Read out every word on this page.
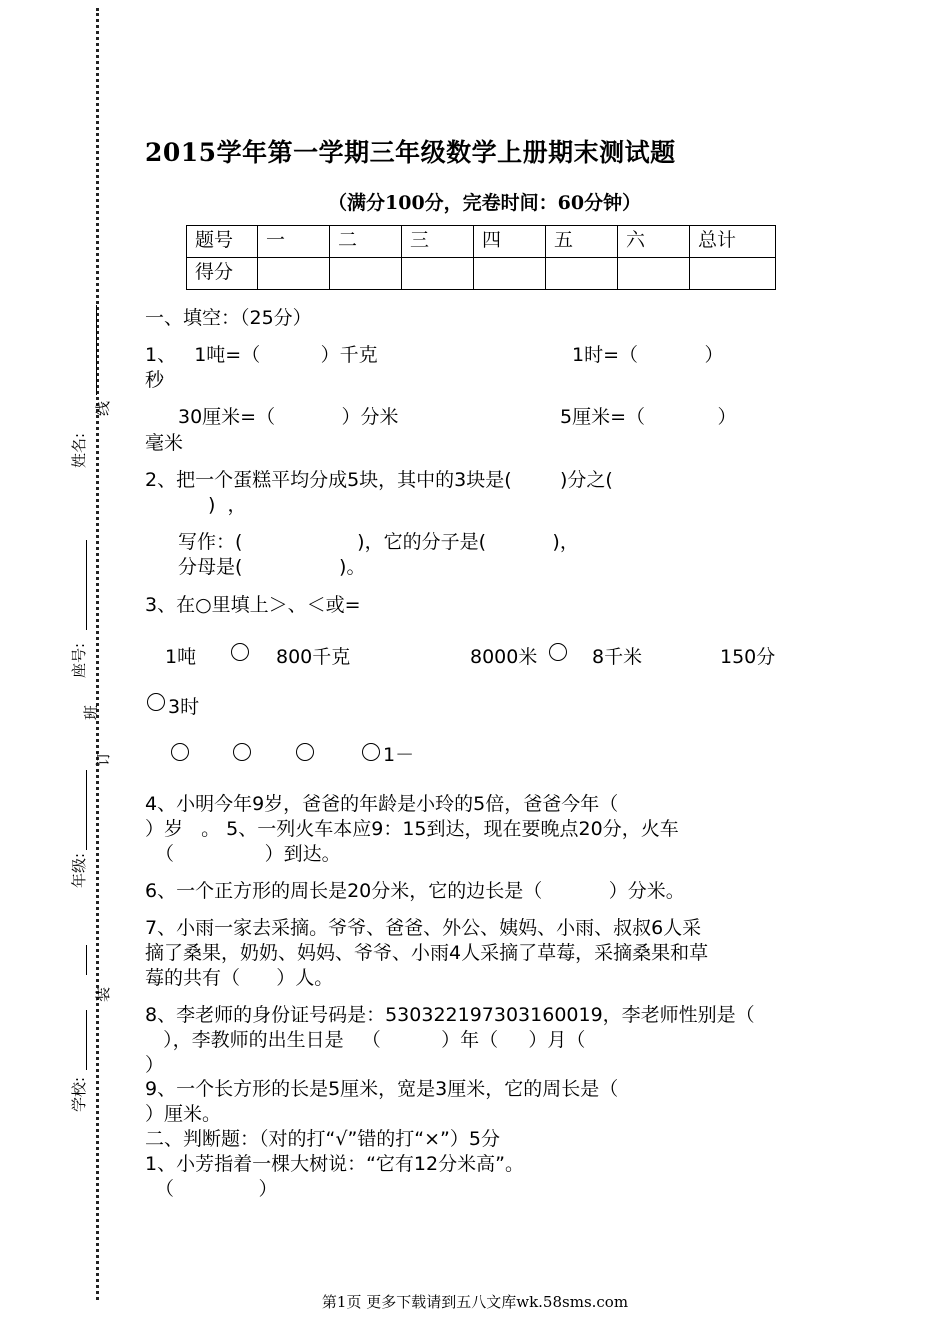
姓名:
线
座号:
班
订
年级:
装
学校:
2015学年第一学期三年级数学上册期末测试题
（满分100分，完卷时间：60分钟）
题号	一	二	三	四	五	六	总计
得分							
一、填空：（25分）
1、   1吨=（          ）千克	1时=（           ）
秒
30厘米=（           ）分米	5厘米=（            ）
毫米
2、把一个蛋糕平均分成5块，其中的3块是(        )分之(
)  ，
写作：(                   )，它的分子是(           )，
分母是(                )。
3、在○里填上＞、＜或=
1吨	800千克	8000米	8千米	150分
3时
1－
4、小明今年9岁，爸爸的年龄是小玲的5倍，爸爸今年（
）岁   。 5、一列火车本应9：15到达，现在要晚点20分，火车
（               ）到达。
6、一个正方形的周长是20分米，它的边长是（           ）分米。
7、小雨一家去采摘。爷爷、爸爸、外公、姨妈、小雨、叔叔6人采
摘了桑果，奶奶、妈妈、爷爷、小雨4人采摘了草莓，采摘桑果和草
莓的共有（      ）人。
8、李老师的身份证号码是：530322197303160019，李老师性别是（
），李教师的出生日是   （          ）年（     ）月（
）
9、一个长方形的长是5厘米，宽是3厘米，它的周长是（
）厘米。
二、判断题：（对的打“√”错的打“×”）5分
1、小芳指着一棵大树说：“它有12分米高”。
（              ）
第1页 更多下载请到五八文库wk.58sms.com
